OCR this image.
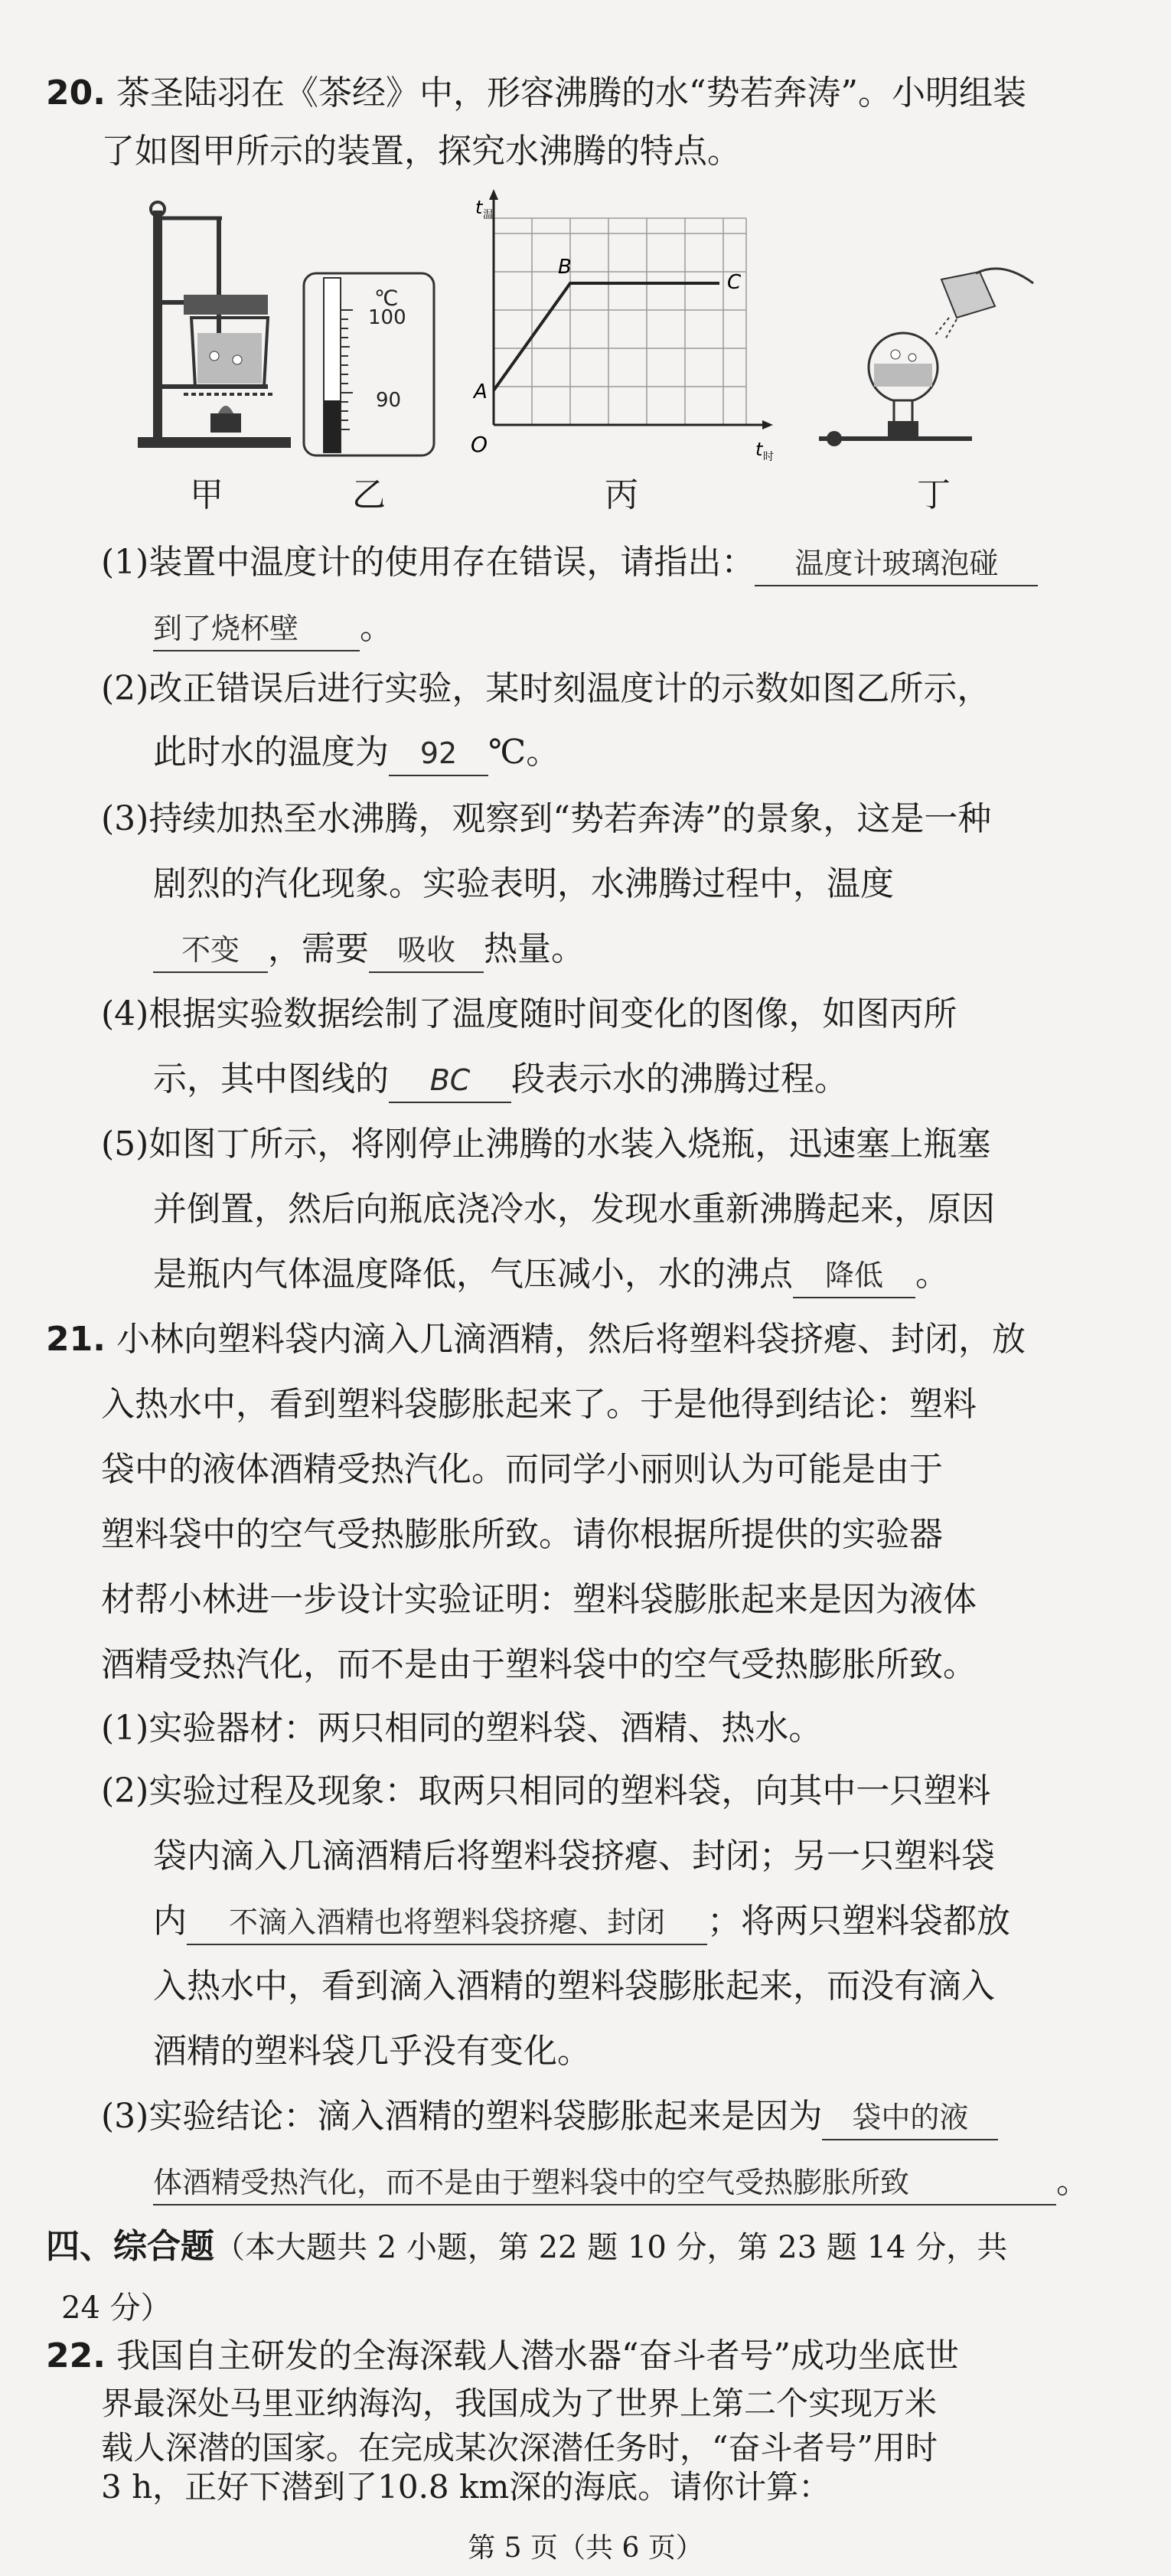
20. 茶圣陆羽在《茶经》中，形容沸腾的水“势若奔涛”。小明组装
了如图甲所示的装置，探究水沸腾的特点。
℃
100
90
t 温
t 时
O
A
B
C
甲	乙	丙	丁
(1)装置中温度计的使用存在错误，请指出： 温度计玻璃泡碰
到了烧杯壁 。
(2)改正错误后进行实验，某时刻温度计的示数如图乙所示，
此时水的温度为 92 ℃。
(3)持续加热至水沸腾，观察到“势若奔涛”的景象，这是一种
剧烈的汽化现象。实验表明，水沸腾过程中，温度
不变 ，需要 吸收 热量。
(4)根据实验数据绘制了温度随时间变化的图像，如图丙所
示，其中图线的 BC 段表示水的沸腾过程。
(5)如图丁所示，将刚停止沸腾的水装入烧瓶，迅速塞上瓶塞
并倒置，然后向瓶底浇冷水，发现水重新沸腾起来，原因
是瓶内气体温度降低，气压减小，水的沸点 降低 。
21. 小林向塑料袋内滴入几滴酒精，然后将塑料袋挤瘪、封闭，放
入热水中，看到塑料袋膨胀起来了。于是他得到结论：塑料
袋中的液体酒精受热汽化。而同学小丽则认为可能是由于
塑料袋中的空气受热膨胀所致。请你根据所提供的实验器
材帮小林进一步设计实验证明：塑料袋膨胀起来是因为液体
酒精受热汽化，而不是由于塑料袋中的空气受热膨胀所致。
(1)实验器材：两只相同的塑料袋、酒精、热水。
(2)实验过程及现象：取两只相同的塑料袋，向其中一只塑料
袋内滴入几滴酒精后将塑料袋挤瘪、封闭；另一只塑料袋
内 不滴入酒精也将塑料袋挤瘪、封闭 ；将两只塑料袋都放
入热水中，看到滴入酒精的塑料袋膨胀起来，而没有滴入
酒精的塑料袋几乎没有变化。
(3)实验结论：滴入酒精的塑料袋膨胀起来是因为 袋中的液
体酒精受热汽化，而不是由于塑料袋中的空气受热膨胀所致	。
四、综合题（本大题共 2 小题，第 22 题 10 分，第 23 题 14 分，共
24 分）
22. 我国自主研发的全海深载人潜水器“奋斗者号”成功坐底世
界最深处马里亚纳海沟，我国成为了世界上第二个实现万米
载人深潜的国家。在完成某次深潜任务时，“奋斗者号”用时
3 h，正好下潜到了10.8 km深的海底。请你计算：
第 5 页（共 6 页）
